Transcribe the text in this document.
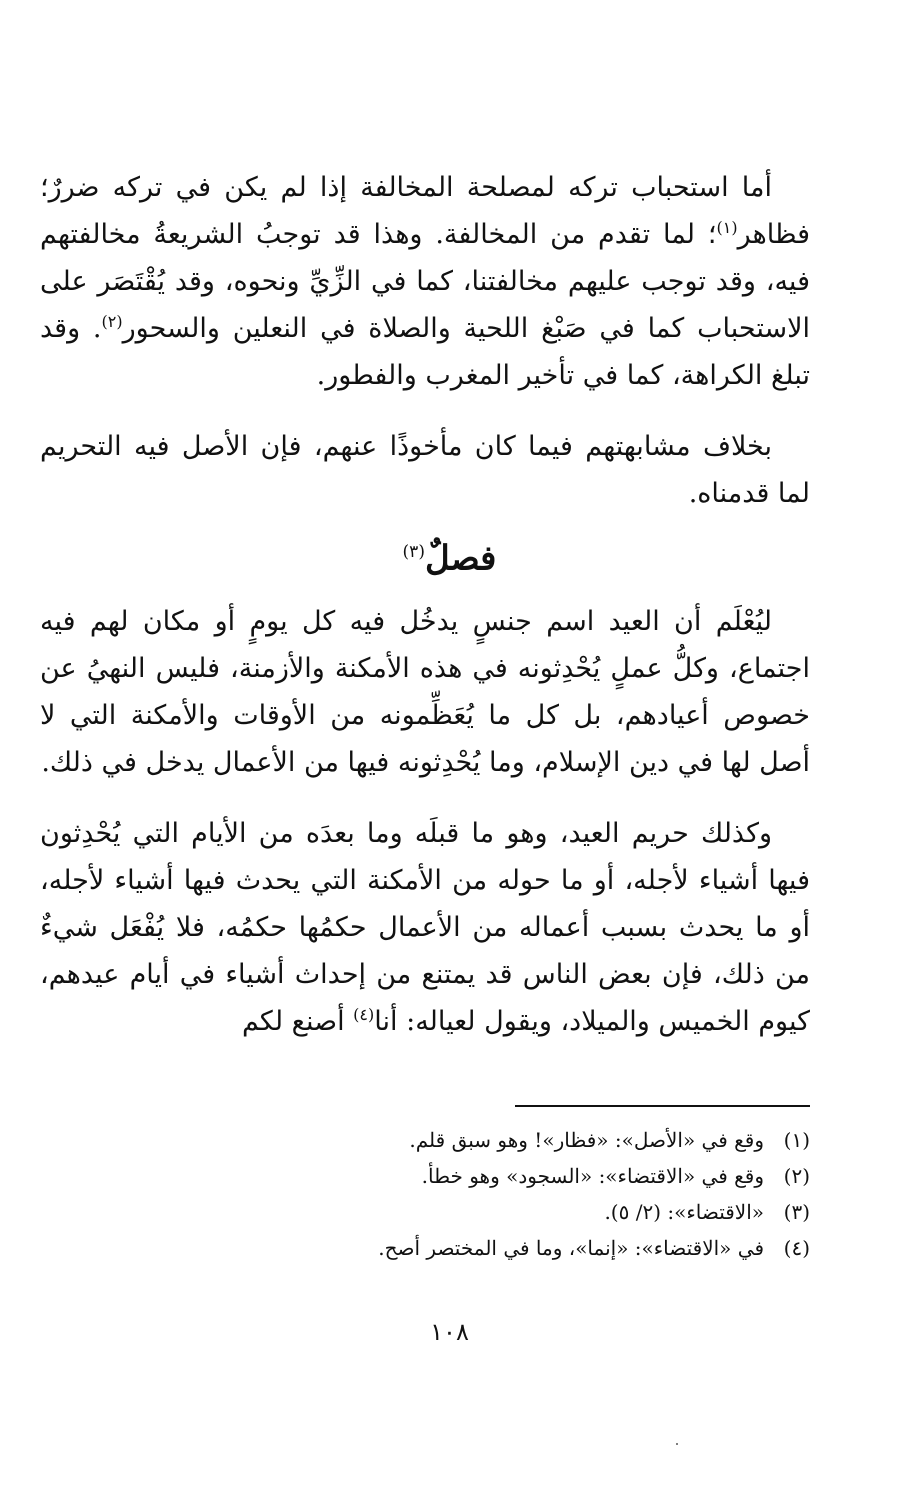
أما استحباب تركه لمصلحة المخالفة إذا لم يكن في تركه ضررٌ؛ فظاهر$^{(١)}$؛ لما تقدم من المخالفة. وهذا قد توجبُ الشريعةُ مخالفتهم فيه، وقد توجب عليهم مخالفتنا، كما في الزِّيِّ ونحوه، وقد يُقْتَصَر على الاستحباب كما في صَبْغ اللحية والصلاة في النعلين والسحور$^{(٢)}$. وقد تبلغ الكراهة، كما في تأخير المغرب والفطور.

بخلاف مشابهتهم فيما كان مأخوذًا عنهم، فإن الأصل فيه التحريم لما قدمناه.

فصلٌ$^{(٣)}$

ليُعْلَم أن العيد اسم جنسٍ يدخُل فيه كل يومٍ أو مكان لهم فيه اجتماع، وكلُّ عملٍ يُحْدِثونه في هذه الأمكنة والأزمنة، فليس النهيُ عن خصوص أعيادهم، بل كل ما يُعَظِّمونه من الأوقات والأمكنة التي لا أصل لها في دين الإسلام، وما يُحْدِثونه فيها من الأعمال يدخل في ذلك.

وكذلك حريم العيد، وهو ما قبلَه وما بعدَه من الأيام التي يُحْدِثون فيها أشياء لأجله، أو ما حوله من الأمكنة التي يحدث فيها أشياء لأجله، أو ما يحدث بسبب أعماله من الأعمال حكمُها حكمُه، فلا يُفْعَل شيءٌ من ذلك، فإن بعض الناس قد يمتنع من إحداث أشياء في أيام عيدهم، كيوم الخميس والميلاد، ويقول لعياله: أنا$^{(٤)}$ أصنع لكم

(١)وقع في «الأصل»: «فظار»! وهو سبق قلم.
(٢)وقع في «الاقتضاء»: «السجود» وهو خطأ.
(٣)«الاقتضاء»: (٢/ ٥).
(٤)في «الاقتضاء»: «إنما»، وما في المختصر أصح.

١٠٨
